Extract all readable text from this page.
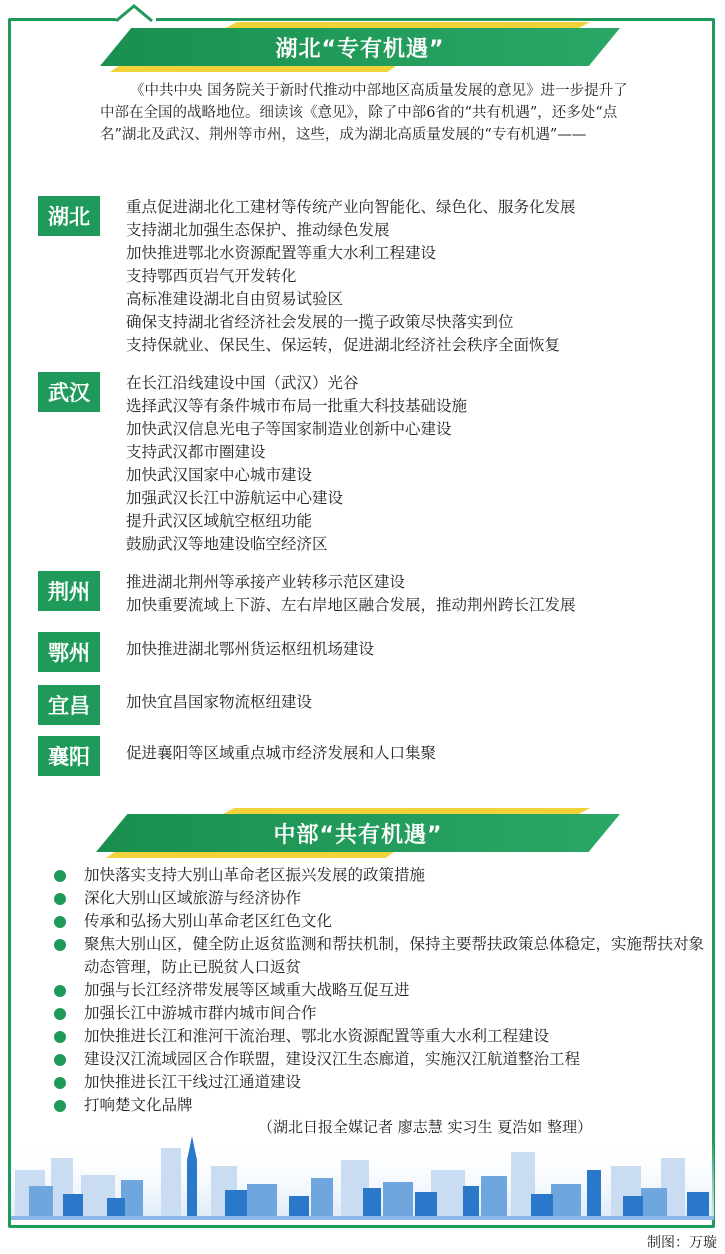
湖北“专有机遇”
《中共中央 国务院关于新时代推动中部地区高质量发展的意见》进一步提升了中部在全国的战略地位。细读该《意见》，除了中部6省的“共有机遇”，还多处“点名”湖北及武汉、荆州等市州，这些，成为湖北高质量发展的“专有机遇”——
湖北	重点促进湖北化工建材等传统产业向智能化、绿色化、服务化发展
支持湖北加强生态保护、推动绿色发展
加快推进鄂北水资源配置等重大水利工程建设
支持鄂西页岩气开发转化
高标准建设湖北自由贸易试验区
确保支持湖北省经济社会发展的一揽子政策尽快落实到位
支持保就业、保民生、保运转，促进湖北经济社会秩序全面恢复
武汉	在长江沿线建设中国（武汉）光谷
选择武汉等有条件城市布局一批重大科技基础设施
加快武汉信息光电子等国家制造业创新中心建设
支持武汉都市圈建设
加快武汉国家中心城市建设
加强武汉长江中游航运中心建设
提升武汉区域航空枢纽功能
鼓励武汉等地建设临空经济区
荆州	推进湖北荆州等承接产业转移示范区建设
加快重要流域上下游、左右岸地区融合发展，推动荆州跨长江发展
鄂州	加快推进湖北鄂州货运枢纽机场建设
宜昌	加快宜昌国家物流枢纽建设
襄阳	促进襄阳等区域重点城市经济发展和人口集聚
中部“共有机遇”
加快落实支持大别山革命老区振兴发展的政策措施
深化大别山区域旅游与经济协作
传承和弘扬大别山革命老区红色文化
聚焦大别山区，健全防止返贫监测和帮扶机制，保持主要帮扶政策总体稳定，实施帮扶对象动态管理，防止已脱贫人口返贫
加强与长江经济带发展等区域重大战略互促互进
加强长江中游城市群内城市间合作
加快推进长江和淮河干流治理、鄂北水资源配置等重大水利工程建设
建设汉江流域园区合作联盟，建设汉江生态廊道，实施汉江航道整治工程
加快推进长江干线过江通道建设
打响楚文化品牌
（湖北日报全媒记者 廖志慧 实习生 夏浩如 整理）
制图：万璇
